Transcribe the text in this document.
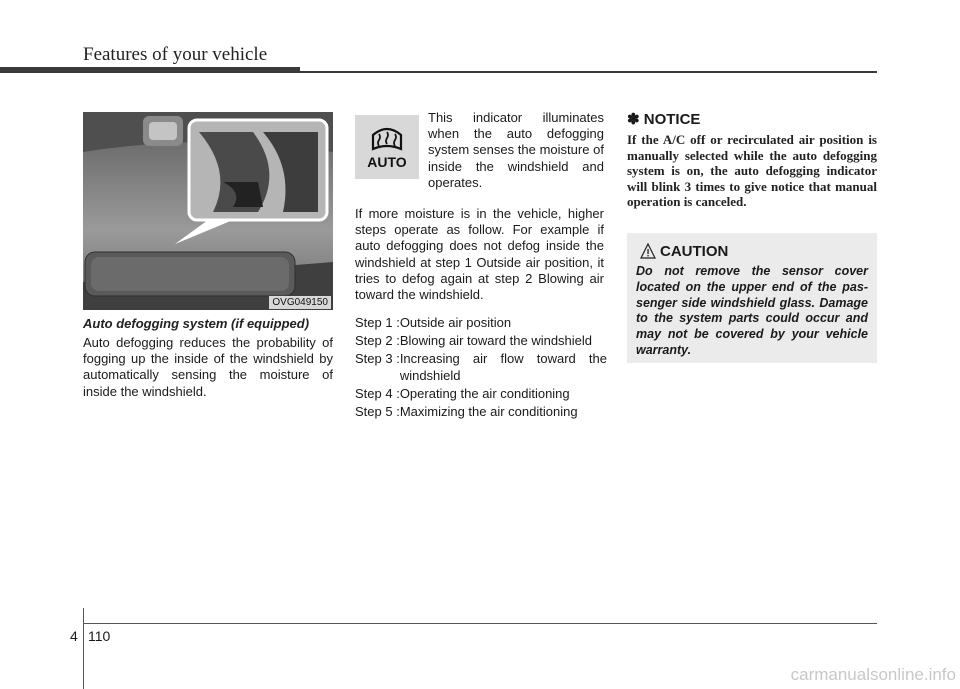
Features of your vehicle
OVG049150
Auto defogging system (if equipped)
Auto defogging reduces the probability of fogging up the inside of the windshield by automatically sensing the moisture of inside the windshield.
AUTO
This indicator illuminates when the auto defogging system senses the moisture of inside the windshield and operates.
If more moisture is in the vehicle, higher steps operate as follow. For example if auto defogging does not defog inside the windshield at step 1 Outside air position, it tries to defog again at step 2 Blowing air toward the windshield.
Step 1 : Outside air position
Step 2 : Blowing air toward the windshield
Step 3 : Increasing air flow toward the windshield
Step 4 : Operating the air conditioning
Step 5 : Maximizing the air conditioning
✽ NOTICE
If the A/C off or recirculated air position is manually selected while the auto defogging system is on, the auto defogging indicator will blink 3 times to give notice that manual operation is canceled.
CAUTION
Do not remove the sensor cover located on the upper end of the passenger side windshield glass. Damage to the system parts could occur and may not be covered by your vehicle warranty.
4 110
carmanualsonline.info
